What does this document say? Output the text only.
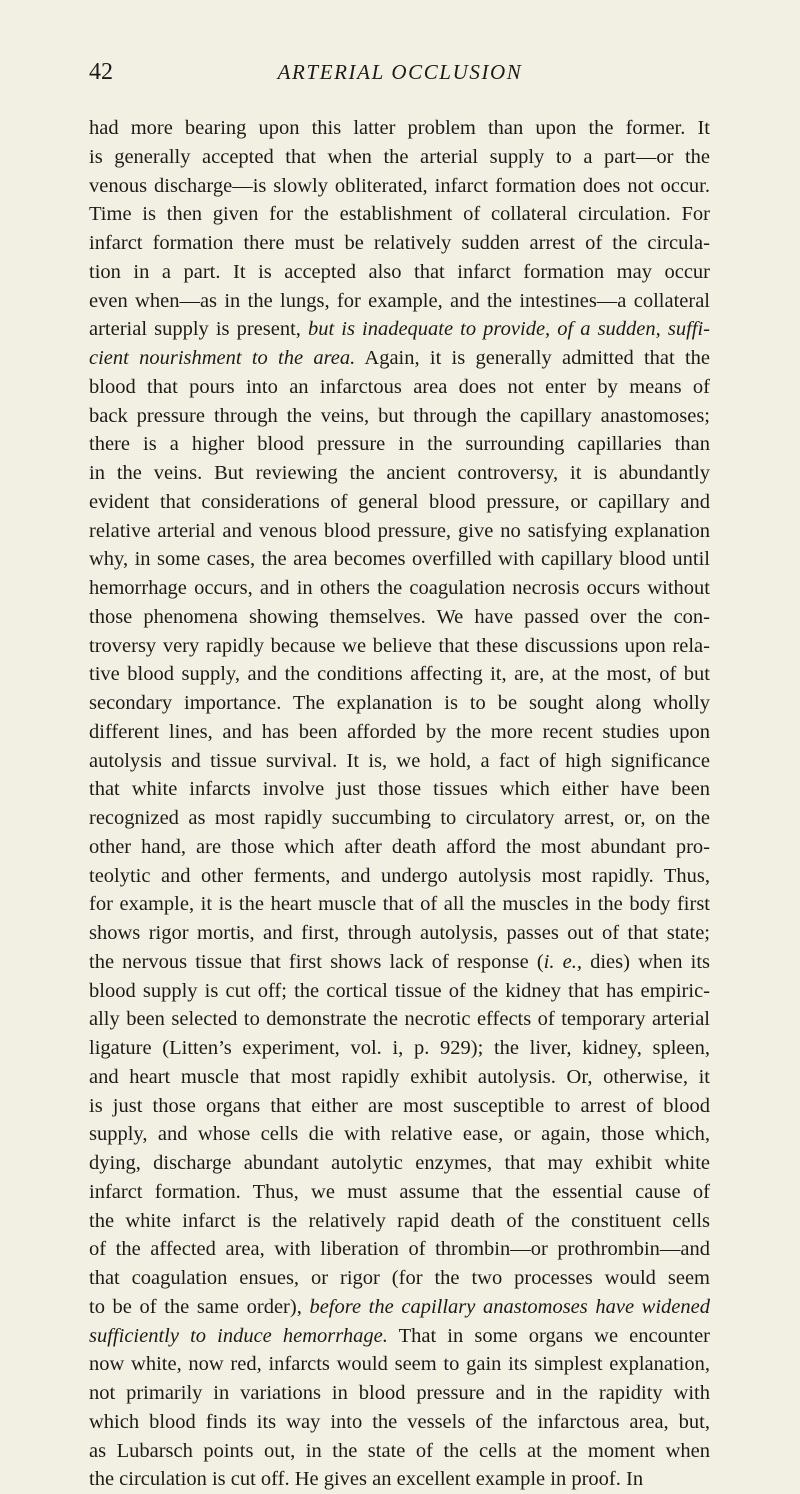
42	ARTERIAL OCCLUSION
had more bearing upon this latter problem than upon the former. It
is generally accepted that when the arterial supply to a part—or the
venous discharge—is slowly obliterated, infarct formation does not occur.
Time is then given for the establishment of collateral circulation. For
infarct formation there must be relatively sudden arrest of the circula-
tion in a part. It is accepted also that infarct formation may occur
even when—as in the lungs, for example, and the intestines—a collateral
arterial supply is present, but is inadequate to provide, of a sudden, suffi-
cient nourishment to the area. Again, it is generally admitted that the
blood that pours into an infarctous area does not enter by means of
back pressure through the veins, but through the capillary anastomoses;
there is a higher blood pressure in the surrounding capillaries than
in the veins. But reviewing the ancient controversy, it is abundantly
evident that considerations of general blood pressure, or capillary and
relative arterial and venous blood pressure, give no satisfying explanation
why, in some cases, the area becomes overfilled with capillary blood until
hemorrhage occurs, and in others the coagulation necrosis occurs without
those phenomena showing themselves. We have passed over the con-
troversy very rapidly because we believe that these discussions upon rela-
tive blood supply, and the conditions affecting it, are, at the most, of but
secondary importance. The explanation is to be sought along wholly
different lines, and has been afforded by the more recent studies upon
autolysis and tissue survival. It is, we hold, a fact of high significance
that white infarcts involve just those tissues which either have been
recognized as most rapidly succumbing to circulatory arrest, or, on the
other hand, are those which after death afford the most abundant pro-
teolytic and other ferments, and undergo autolysis most rapidly. Thus,
for example, it is the heart muscle that of all the muscles in the body first
shows rigor mortis, and first, through autolysis, passes out of that state;
the nervous tissue that first shows lack of response (i. e., dies) when its
blood supply is cut off; the cortical tissue of the kidney that has empiric-
ally been selected to demonstrate the necrotic effects of temporary arterial
ligature (Litten’s experiment, vol. i, p. 929); the liver, kidney, spleen,
and heart muscle that most rapidly exhibit autolysis. Or, otherwise, it
is just those organs that either are most susceptible to arrest of blood
supply, and whose cells die with relative ease, or again, those which,
dying, discharge abundant autolytic enzymes, that may exhibit white
infarct formation. Thus, we must assume that the essential cause of
the white infarct is the relatively rapid death of the constituent cells
of the affected area, with liberation of thrombin—or prothrombin—and
that coagulation ensues, or rigor (for the two processes would seem
to be of the same order), before the capillary anastomoses have widened
sufficiently to induce hemorrhage. That in some organs we encounter
now white, now red, infarcts would seem to gain its simplest explanation,
not primarily in variations in blood pressure and in the rapidity with
which blood finds its way into the vessels of the infarctous area, but,
as Lubarsch points out, in the state of the cells at the moment when
the circulation is cut off. He gives an excellent example in proof. In
